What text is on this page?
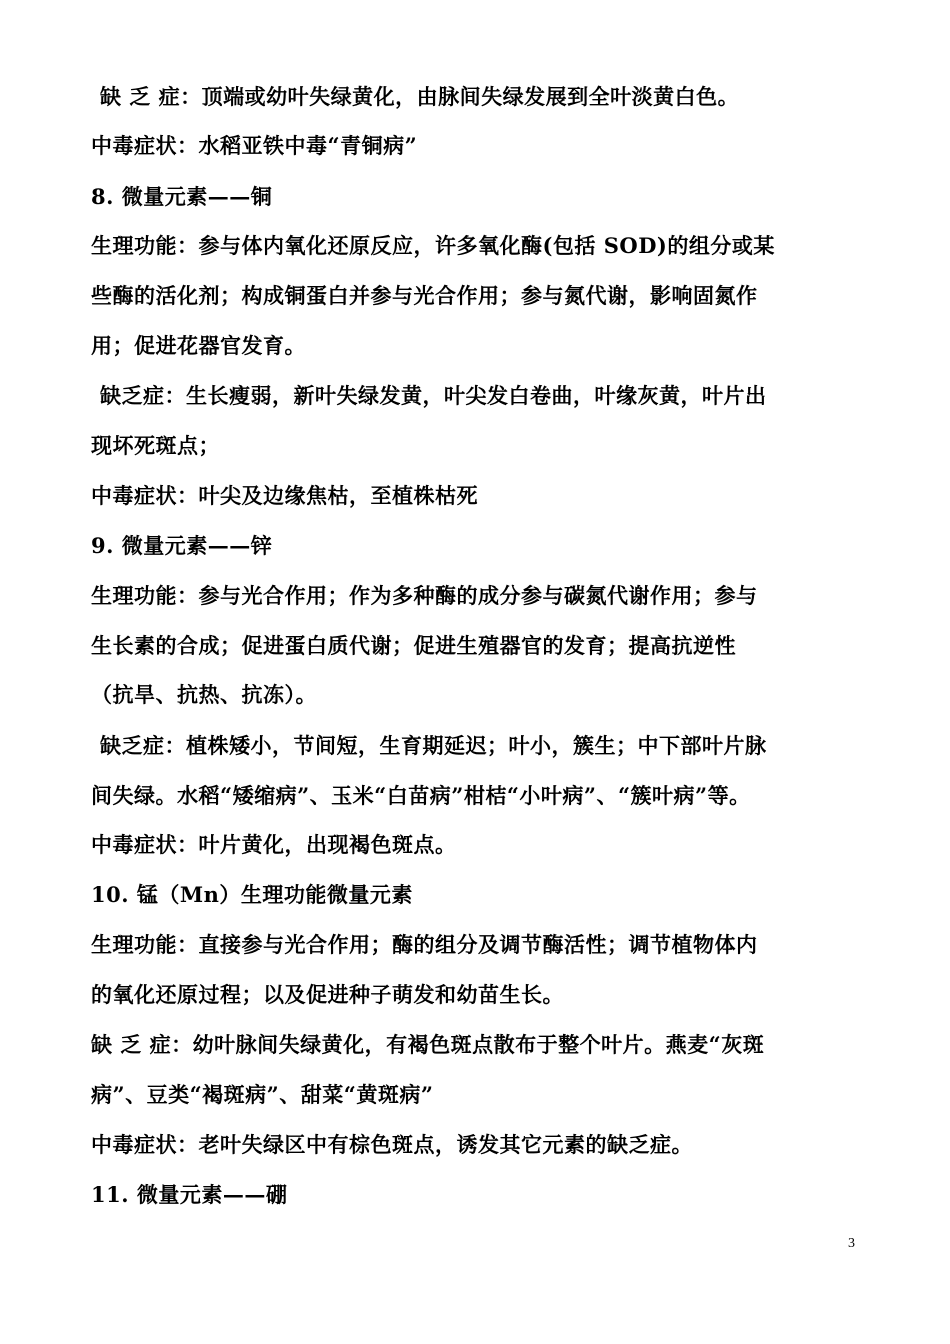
缺 乏 症：顶端或幼叶失绿黄化，由脉间失绿发展到全叶淡黄白色。
中毒症状：水稻亚铁中毒“青铜病”
8. 微量元素——铜
生理功能：参与体内氧化还原反应，许多氧化酶(包括 SOD)的组分或某
些酶的活化剂；构成铜蛋白并参与光合作用；参与氮代谢，影响固氮作
用；促进花器官发育。
缺乏症：生长瘦弱，新叶失绿发黄，叶尖发白卷曲，叶缘灰黄，叶片出
现坏死斑点；
中毒症状：叶尖及边缘焦枯，至植株枯死
9. 微量元素——锌
生理功能：参与光合作用；作为多种酶的成分参与碳氮代谢作用；参与
生长素的合成；促进蛋白质代谢；促进生殖器官的发育；提高抗逆性
（抗旱、抗热、抗冻）。
缺乏症：植株矮小，节间短，生育期延迟；叶小，簇生；中下部叶片脉
间失绿。水稻“矮缩病”、玉米“白苗病”柑桔“小叶病”、“簇叶病”等。
中毒症状：叶片黄化，出现褐色斑点。
10. 锰（Mn）生理功能微量元素
生理功能：直接参与光合作用；酶的组分及调节酶活性；调节植物体内
的氧化还原过程；以及促进种子萌发和幼苗生长。
缺 乏 症：幼叶脉间失绿黄化，有褐色斑点散布于整个叶片。燕麦“灰斑
病”、豆类“褐斑病”、甜菜“黄斑病”
中毒症状：老叶失绿区中有棕色斑点，诱发其它元素的缺乏症。
11. 微量元素——硼
3
